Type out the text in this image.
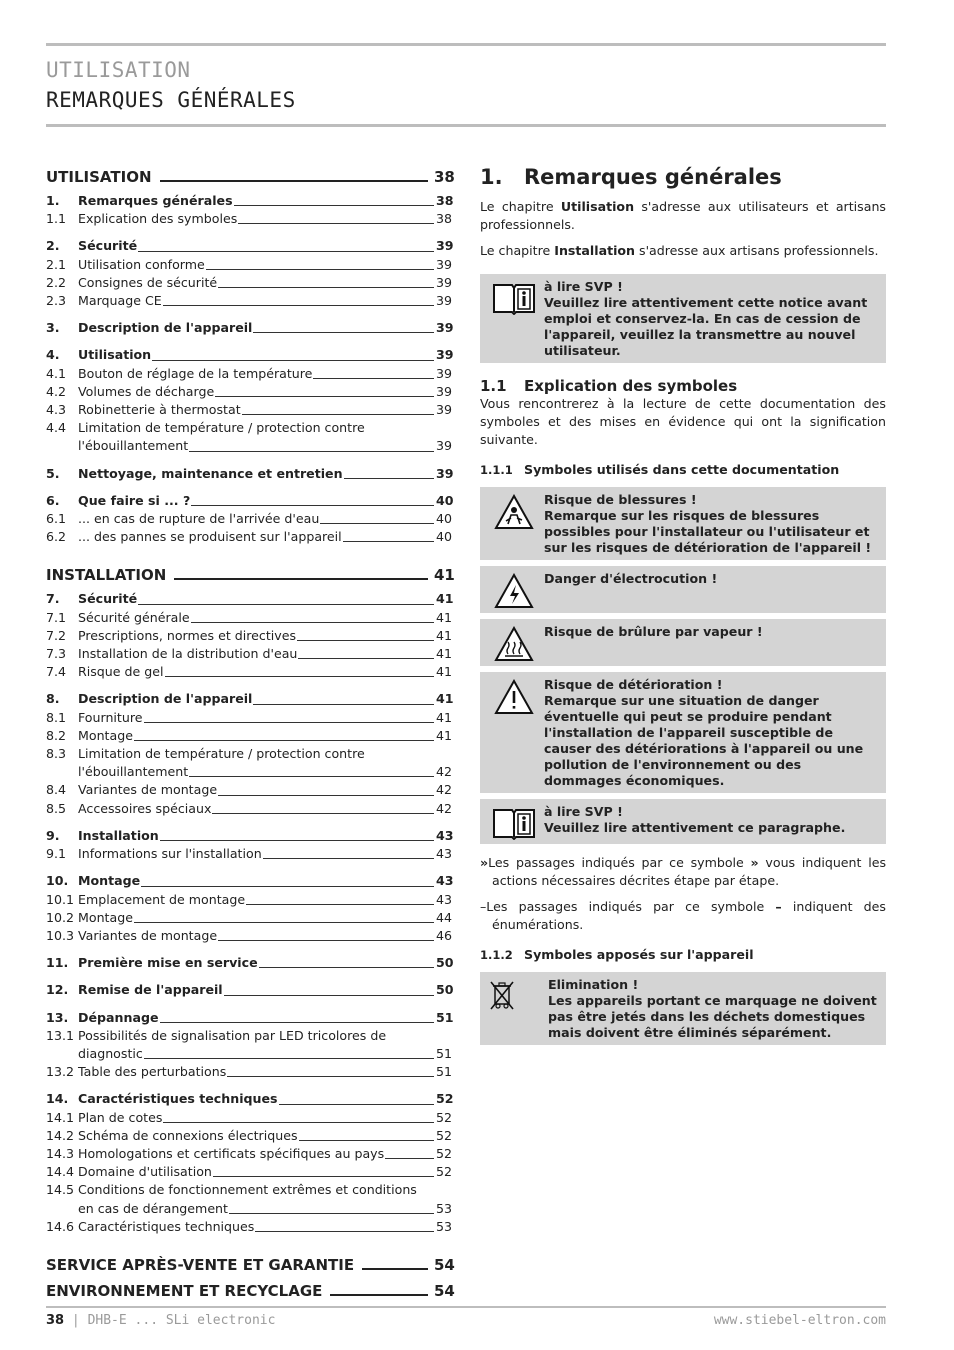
UTILISATION
REMARQUES GÉNÉRALES
UTILISATION	38
1.	Remarques générales	38
1.1 Explication des symboles	38
2.	Sécurité	39
2.1 Utilisation conforme	39
2.2 Consignes de sécurité	39
2.3 Marquage CE	39
3.	Description de l'appareil	39
4.	Utilisation	39
4.1 Bouton de réglage de la température	39
4.2 Volumes de décharge	39
4.3 Robinetterie à thermostat	39
4.4 Limitation de température / protection contre
l'ébouillantement	39
5.	Nettoyage, maintenance et entretien	39
6.	Que faire si ... ?	40
6.1 ... en cas de rupture de l'arrivée d'eau	40
6.2 ... des pannes se produisent sur l'appareil	40
INSTALLATION	41
7.	Sécurité	41
7.1 Sécurité générale	41
7.2 Prescriptions, normes et directives	41
7.3 Installation de la distribution d'eau	41
7.4 Risque de gel	41
8.	Description de l'appareil	41
8.1 Fourniture	41
8.2 Montage	41
8.3 Limitation de température / protection contre
l'ébouillantement	42
8.4 Variantes de montage	42
8.5 Accessoires spéciaux	42
9.	Installation	43
9.1 Informations sur l'installation	43
10. Montage	43
10.1 Emplacement de montage	43
10.2 Montage	44
10.3 Variantes de montage	46
11. Première mise en service	50
12. Remise de l'appareil	50
13. Dépannage	51
13.1 Possibilités de signalisation par LED tricolores de
diagnostic	51
13.2 Table des perturbations	51
14. Caractéristiques techniques	52
14.1 Plan de cotes	52
14.2 Schéma de connexions électriques	52
14.3 Homologations et certificats spécifiques au pays	52
14.4 Domaine d'utilisation	52
14.5 Conditions de fonctionnement extrêmes et conditions
en cas de dérangement	53
14.6 Caractéristiques techniques	53
SERVICE APRÈS-VENTE ET GARANTIE	54
ENVIRONNEMENT ET RECYCLAGE	54
1. Remarques générales

Le chapitre Utilisation s'adresse aux utilisateurs et artisans professionnels.

Le chapitre Installation s'adresse aux artisans professionnels.

à lire SVP !
Veuillez lire attentivement cette notice avant emploi et conservez-la. En cas de cession de l'appareil, veuillez la transmettre au nouvel utilisateur.
1.1 Explication des symboles

Vous rencontrerez à la lecture de cette documentation des symboles et des mises en évidence qui ont la signification suivante.

1.1.1 Symboles utilisés dans cette documentation
Risque de blessures !
Remarque sur les risques de blessures possibles pour l'installateur ou l'utilisateur et sur les risques de détérioration de l'appareil !
Danger d'électrocution !
Risque de brûlure par vapeur !
Risque de détérioration !
Remarque sur une situation de danger éventuelle qui peut se produire pendant l'installation de l'appareil susceptible de causer des détériorations à l'appareil ou une pollution de l'environnement ou des dommages économiques.
à lire SVP !
Veuillez lire attentivement ce paragraphe.

»Les passages indiqués par ce symbole » vous indiquent les actions nécessaires décrites étape par étape.

–Les passages indiqués par ce symbole – indiquent des énumérations.

1.1.2 Symboles apposés sur l'appareil
Elimination !
Les appareils portant ce marquage ne doivent pas être jetés dans les déchets domestiques mais doivent être éliminés séparément.
38 | DHB-E ... SLi electronic	www.stiebel-eltron.com
